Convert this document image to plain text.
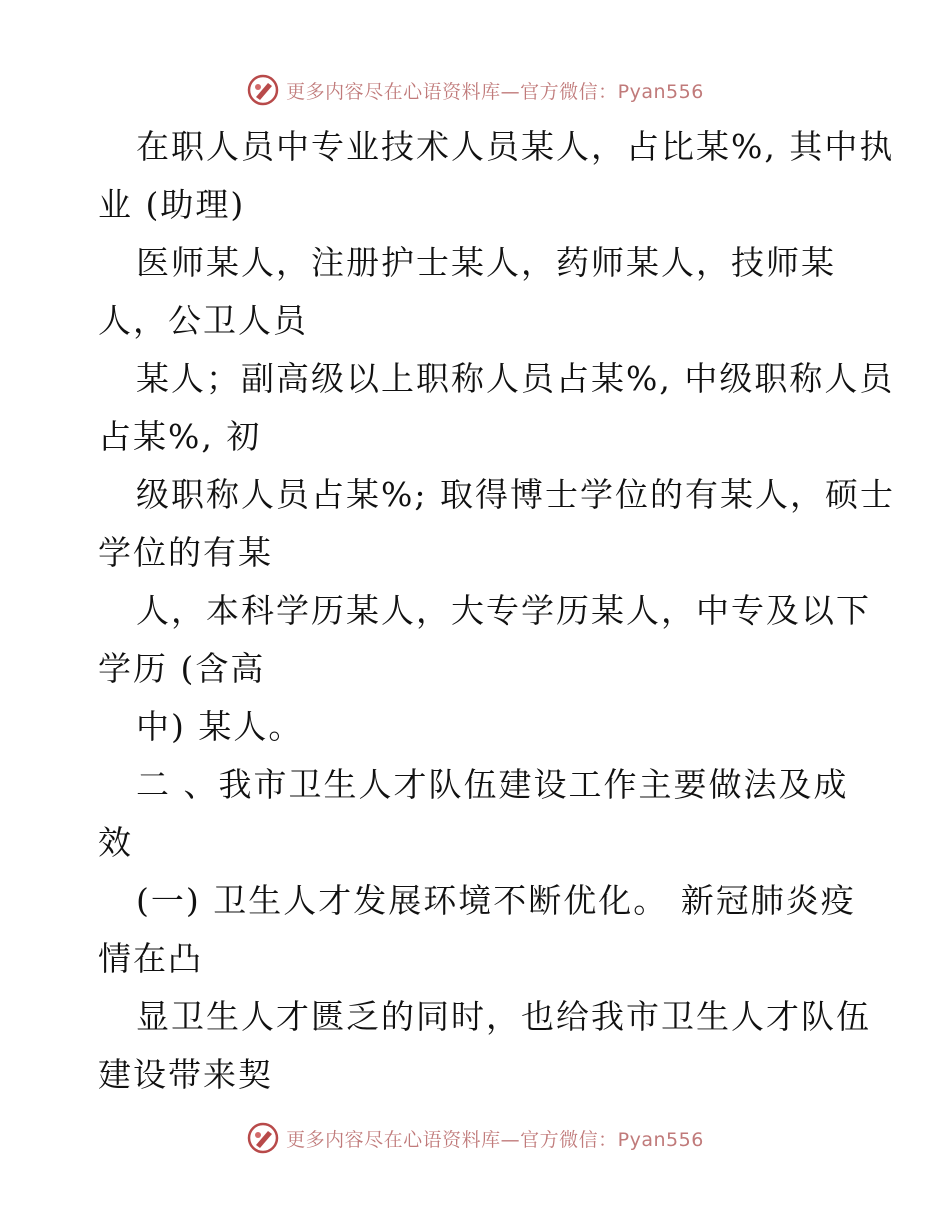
更多内容尽在心语资料库—官方微信：Pyan556
在职人员中专业技术人员某人，占比某%, 其中执
业 (助理)
医师某人，注册护士某人，药师某人，技师某
人，公卫人员
某人；副高级以上职称人员占某%, 中级职称人员
占某%, 初
级职称人员占某%; 取得博士学位的有某人，硕士
学位的有某
人，本科学历某人，大专学历某人，中专及以下
学历 (含高
中) 某人。
二 、我市卫生人才队伍建设工作主要做法及成
效
(一) 卫生人才发展环境不断优化。 新冠肺炎疫
情在凸
显卫生人才匮乏的同时，也给我市卫生人才队伍
建设带来契
更多内容尽在心语资料库—官方微信：Pyan556
